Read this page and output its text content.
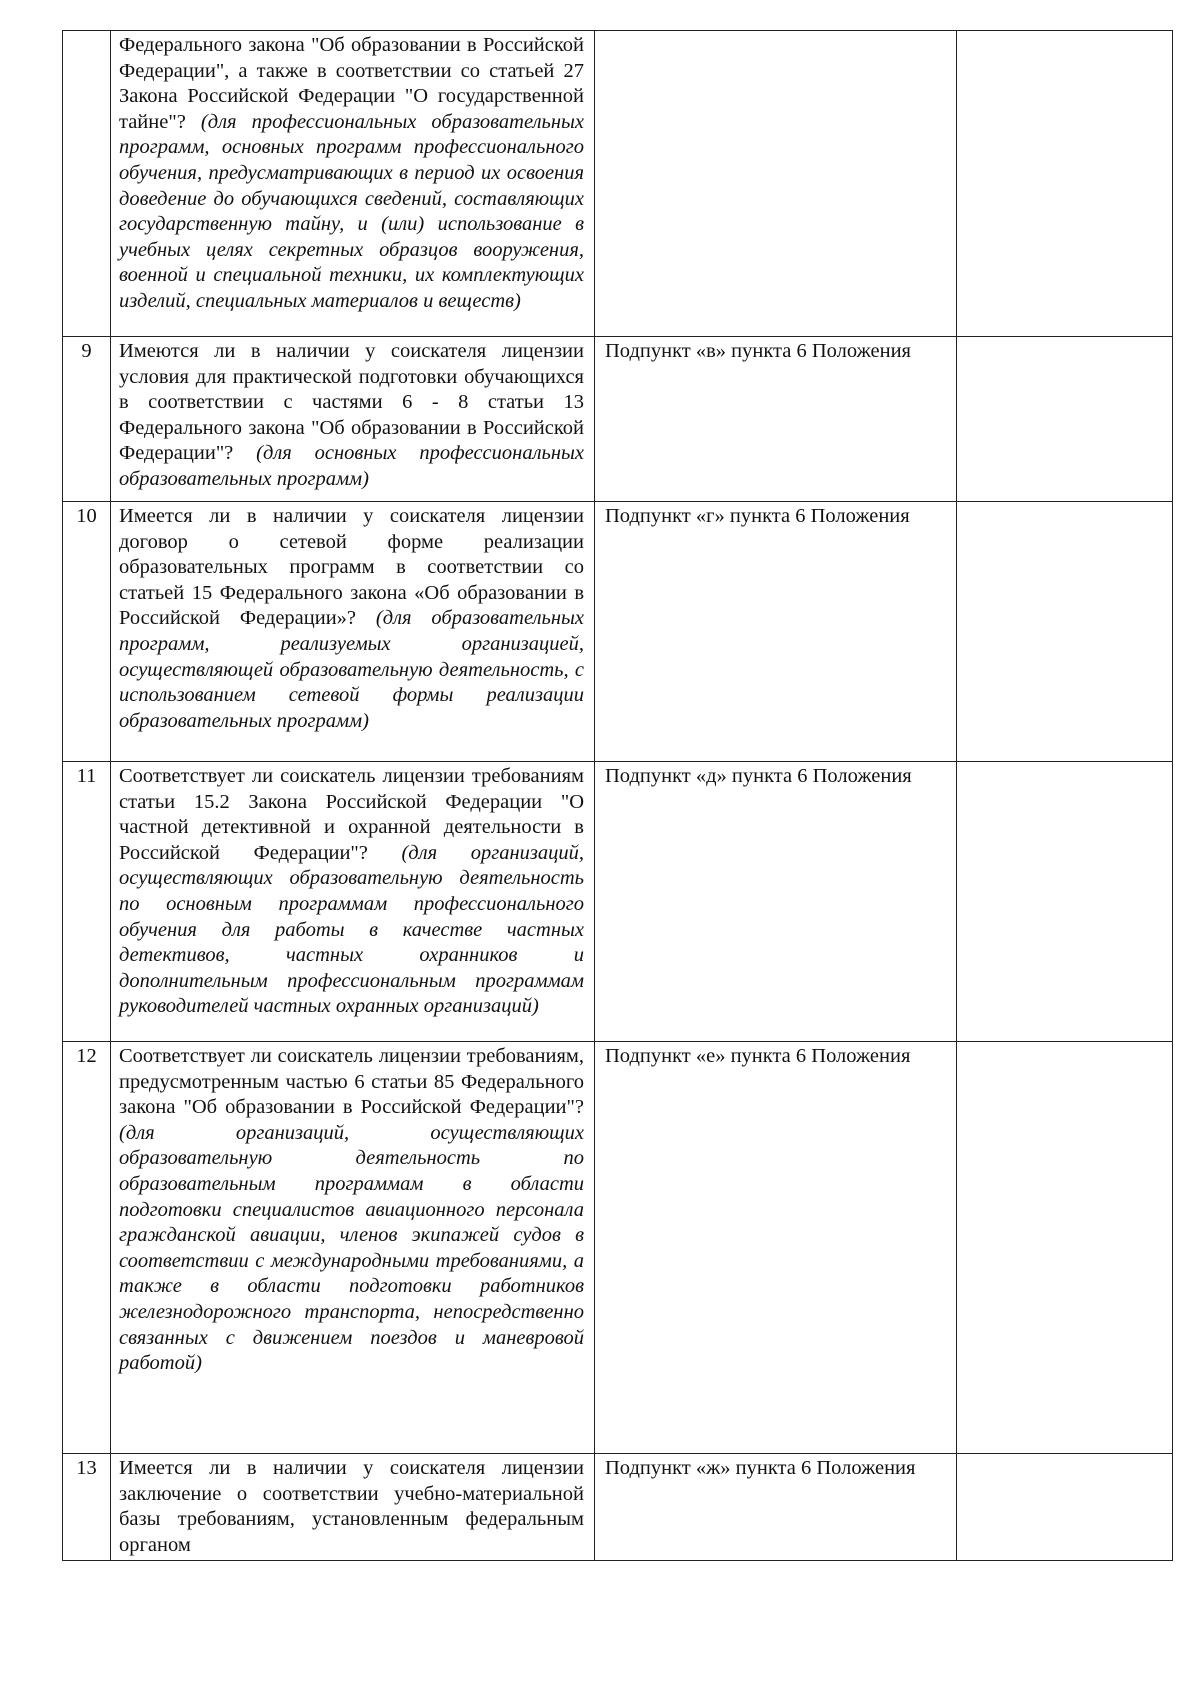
	Федерального закона "Об образовании в Российской Федерации", а также в соответствии со статьей 27 Закона Российской Федерации "О государственной тайне"? (для профессиональных образовательных программ, основных программ профессионального обучения, предусматривающих в период их освоения доведение до обучающихся сведений, составляющих государственную тайну, и (или) использование в учебных целях секретных образцов вооружения, военной и специальной техники, их комплектующих изделий, специальных материалов и веществ)		
9	Имеются ли в наличии у соискателя лицензии условия для практической подготовки обучающихся в соответствии с частями 6 - 8 статьи 13 Федерального закона "Об образовании в Российской Федерации"? (для основных профессиональных образовательных программ)	Подпункт «в» пункта 6 Положения	
10	Имеется ли в наличии у соискателя лицензии договор о сетевой форме реализации образовательных программ в соответствии со статьей 15 Федерального закона «Об образовании в Российской Федерации»? (для образовательных программ, реализуемых организацией, осуществляющей образовательную деятельность, с использованием сетевой формы реализации образовательных программ)	Подпункт «г» пункта 6 Положения	
11	Соответствует ли соискатель лицензии требованиям статьи 15.2 Закона Российской Федерации "О частной детективной и охранной деятельности в Российской Федерации"? (для организаций, осуществляющих образовательную деятельность по основным программам профессионального обучения для работы в качестве частных детективов, частных охранников и дополнительным профессиональным программам руководителей частных охранных организаций)	Подпункт «д» пункта 6 Положения	
12	Соответствует ли соискатель лицензии требованиям, предусмотренным частью 6 статьи 85 Федерального закона "Об образовании в Российской Федерации"? (для организаций, осуществляющих образовательную деятельность по образовательным программам в области подготовки специалистов авиационного персонала гражданской авиации, членов экипажей судов в соответствии с международными требованиями, а также в области подготовки работников железнодорожного транспорта, непосредственно связанных с движением поездов и маневровой работой)	Подпункт «е» пункта 6 Положения	
13	Имеется ли в наличии у соискателя лицензии заключение о соответствии учебно-материальной базы требованиям, установленным федеральным органом	Подпункт «ж» пункта 6 Положения	
